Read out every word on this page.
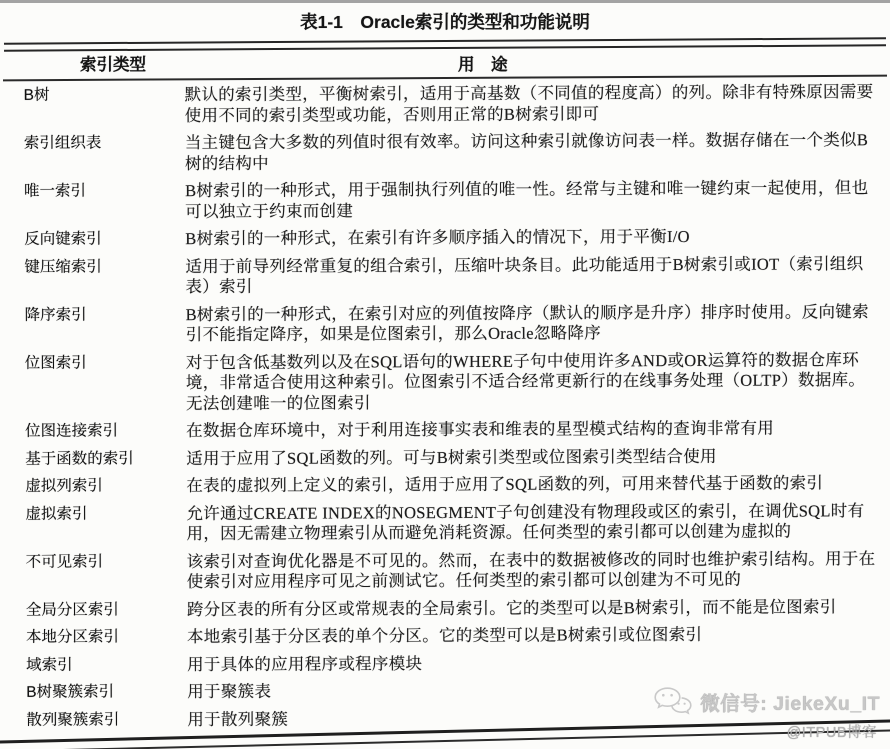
表1-1　Oracle索引的类型和功能说明
索引类型	用　途
B树	默认的索引类型，平衡树索引，适用于高基数（不同值的程度高）的列。除非有特殊原因需要使用不同的索引类型或功能，否则用正常的B树索引即可
索引组织表	当主键包含大多数的列值时很有效率。访问这种索引就像访问表一样。数据存储在一个类似B树的结构中
唯一索引	B树索引的一种形式，用于强制执行列值的唯一性。经常与主键和唯一键约束一起使用，但也可以独立于约束而创建
反向键索引	B树索引的一种形式，在索引有许多顺序插入的情况下，用于平衡I/O
键压缩索引	适用于前导列经常重复的组合索引，压缩叶块条目。此功能适用于B树索引或IOT（索引组织表）索引
降序索引	B树索引的一种形式，在索引对应的列值按降序（默认的顺序是升序）排序时使用。反向键索引不能指定降序，如果是位图索引，那么Oracle忽略降序
位图索引	对于包含低基数列以及在SQL语句的WHERE子句中使用许多AND或OR运算符的数据仓库环境，非常适合使用这种索引。位图索引不适合经常更新行的在线事务处理（OLTP）数据库。无法创建唯一的位图索引
位图连接索引	在数据仓库环境中，对于利用连接事实表和维表的星型模式结构的查询非常有用
基于函数的索引	适用于应用了SQL函数的列。可与B树索引类型或位图索引类型结合使用
虚拟列索引	在表的虚拟列上定义的索引，适用于应用了SQL函数的列，可用来替代基于函数的索引
虚拟索引	允许通过CREATE INDEX的NOSEGMENT子句创建没有物理段或区的索引，在调优SQL时有用，因无需建立物理索引从而避免消耗资源。任何类型的索引都可以创建为虚拟的
不可见索引	该索引对查询优化器是不可见的。然而，在表中的数据被修改的同时也维护索引结构。用于在使索引对应用程序可见之前测试它。任何类型的索引都可以创建为不可见的
全局分区索引	跨分区表的所有分区或常规表的全局索引。它的类型可以是B树索引，而不能是位图索引
本地分区索引	本地索引基于分区表的单个分区。它的类型可以是B树索引或位图索引
域索引	用于具体的应用程序或程序模块
B树聚簇索引	用于聚簇表
散列聚簇索引	用于散列聚簇
微信号: JiekeXu_IT
@ITPUB博客
